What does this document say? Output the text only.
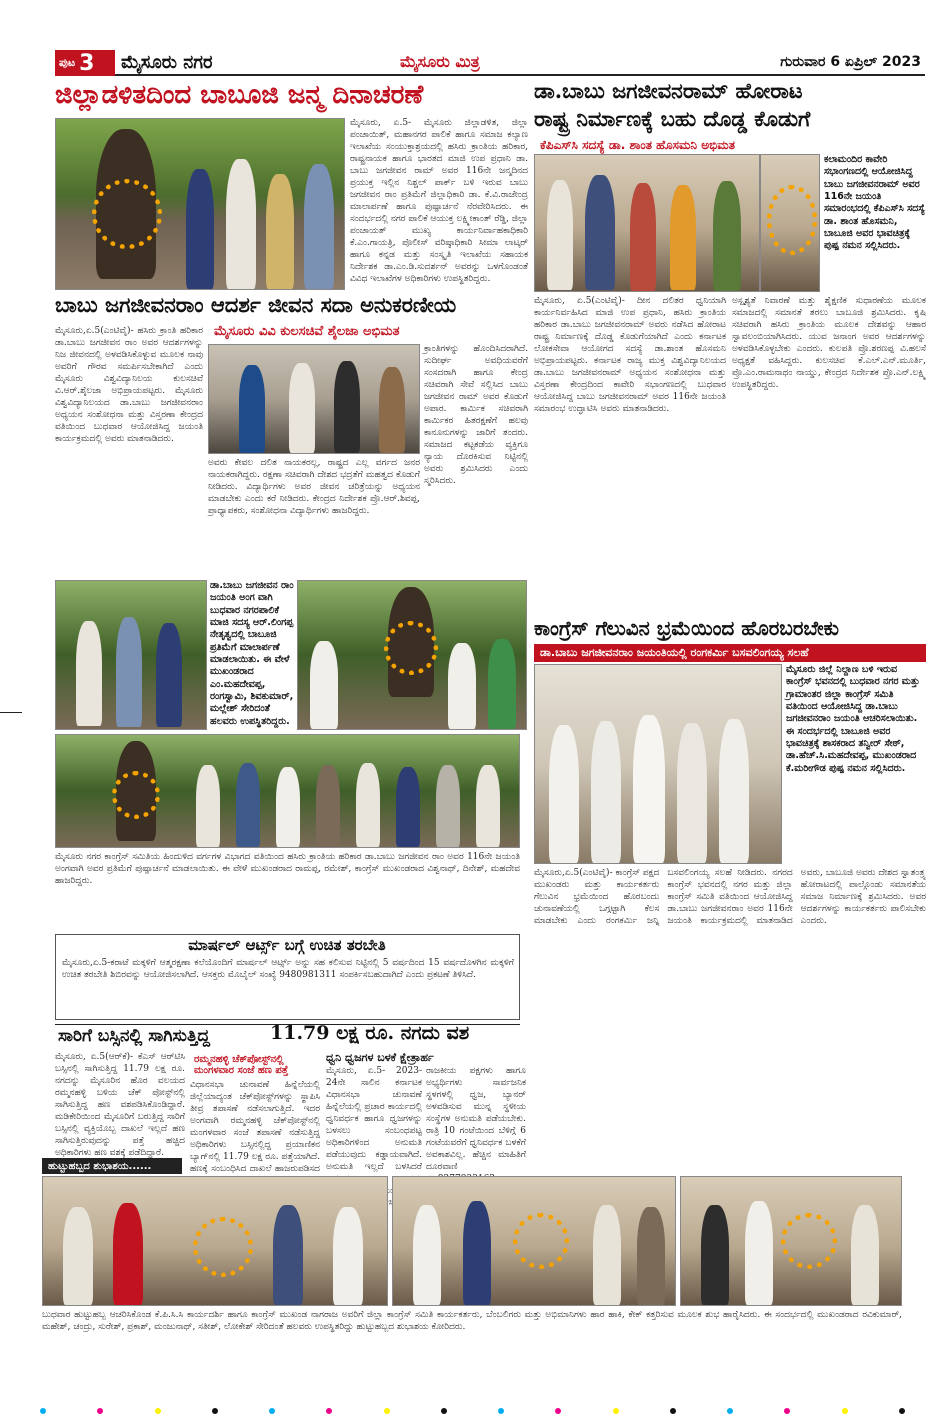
ಪುಟ 3 ಮೈಸೂರು ನಗರ	ಮೈಸೂರು ಮಿತ್ರ	ಗುರುವಾರ 6 ಏಪ್ರಿಲ್ 2023
ಜಿಲ್ಲಾಡಳಿತದಿಂದ ಬಾಬೂಜಿ ಜನ್ಮ ದಿನಾಚರಣೆ
ಮೈಸೂರು, ಏ.5- ಮೈಸೂರು ಜಿಲ್ಲಾಡಳಿತ, ಜಿಲ್ಲಾ ಪಂಚಾಯಿತ್, ಮಹಾನಗರ ಪಾಲಿಕೆ ಹಾಗೂ ಸಮಾಜ ಕಲ್ಯಾಣ ಇಲಾಖೆಯ ಸಂಯುಕ್ತಾಶ್ರಯದಲ್ಲಿ ಹಸಿರು ಕ್ರಾಂತಿಯ ಹರಿಕಾರ, ರಾಷ್ಟ್ರನಾಯಕ ಹಾಗೂ ಭಾರತದ ಮಾಜಿ ಉಪ ಪ್ರಧಾನಿ ಡಾ. ಬಾಬು ಜಗಜೀವನ ರಾಮ್ ಅವರ 116ನೇ ಜನ್ಮದಿನದ ಪ್ರಯುಕ್ತ ಇಲ್ಲಿನ ನಿಶ್ಚಲ್ ಪಾರ್ಕ್ ಬಳಿ ಇರುವ ಬಾಬು ಜಗಜೀವನ ರಾಂ ಪ್ರತಿಮೆಗೆ ಜಿಲ್ಲಾಧಿಕಾರಿ ಡಾ. ಕೆ.ವಿ.ರಾಜೇಂದ್ರ ಮಾಲಾರ್ಪಣೆ ಹಾಗೂ ಪುಷ್ಪಾರ್ಚನೆ ನೆರವೇರಿಸಿದರು. ಈ ಸಂದರ್ಭದಲ್ಲಿ ನಗರ ಪಾಲಿಕೆ ಆಯುಕ್ತ ಲಕ್ಷ್ಮೀಕಾಂತ್ ರೆಡ್ಡಿ, ಜಿಲ್ಲಾ ಪಂಚಾಯತ್ ಮುಖ್ಯ ಕಾರ್ಯನಿರ್ವಾಹಕಾಧಿಕಾರಿ ಕೆ.ಎಂ.ಗಾಯತ್ರಿ, ಪೊಲೀಸ್ ವರಿಷ್ಠಾಧಿಕಾರಿ ಸೀಮಾ ಲಾಟ್ಕರ್ ಹಾಗೂ ಕನ್ನಡ ಮತ್ತು ಸಂಸ್ಕೃತಿ ಇಲಾಖೆಯ ಸಹಾಯಕ ನಿರ್ದೇಶಕ ಡಾ.ಎಂ.ಡಿ.ಸುದರ್ಶನ್ ಅವರನ್ನು ಒಳಗೊಂಡಂತೆ ವಿವಿಧ ಇಲಾಖೆಗಳ ಅಧಿಕಾರಿಗಳು ಉಪಸ್ಥಿತರಿದ್ದರು.
ಡಾ.ಬಾಬು ಜಗಜೀವನರಾಮ್ ಹೋರಾಟ
ರಾಷ್ಟ್ರ ನಿರ್ಮಾಣಕ್ಕೆ ಬಹು ದೊಡ್ಡ ಕೊಡುಗೆ
ಕೆಪಿಎಸ್‌ಸಿ ಸದಸ್ಯೆ ಡಾ. ಶಾಂತ ಹೊಸಮನಿ ಅಭಿಮತ
ಕಲಾಮಂದಿರ ಕಾವೇರಿ ಸಭಾಂಗಣದಲ್ಲಿ ಆಯೋಜಿಸಿದ್ದ ಬಾಬು ಜಗಜೀವನರಾಮ್ ಅವರ 116ನೇ ಜಯಂತಿ ಸಮಾರಂಭದಲ್ಲಿ ಕೆಪಿಎಸ್‌ಸಿ ಸದಸ್ಯೆ ಡಾ. ಶಾಂತ ಹೊಸಮನಿ, ಬಾಬೂಜಿ ಅವರ ಭಾವಚಿತ್ರಕ್ಕೆ ಪುಷ್ಪ ನಮನ ಸಲ್ಲಿಸಿದರು.
ಮೈಸೂರು, ಏ.5(ಎಂಟಿವೈ)- ದೀನ ದಲಿತರ ಧ್ವನಿಯಾಗಿ ಕಾರ್ಯನಿರ್ವಹಿಸಿದ ಮಾಜಿ ಉಪ ಪ್ರಧಾನಿ, ಹಸಿರು ಕ್ರಾಂತಿಯ ಹರಿಕಾರ ಡಾ.ಬಾಬು ಜಗಜೀವನರಾಮ್ ಅವರು ನಡೆಸಿದ ಹೋರಾಟ ರಾಷ್ಟ್ರ ನಿರ್ಮಾಣಕ್ಕೆ ದೊಡ್ಡ ಕೊಡುಗೆಯಾಗಿದೆ ಎಂದು ಕರ್ನಾಟಕ ಲೋಕಸೇವಾ ಆಯೋಗದ ಸದಸ್ಯೆ ಡಾ.ಶಾಂತ ಹೊಸಮನಿ ಅಭಿಪ್ರಾಯಪಟ್ಟರು. ಕರ್ನಾಟಕ ರಾಜ್ಯ ಮುಕ್ತ ವಿಶ್ವವಿದ್ಯಾನಿಲಯದ ಡಾ.ಬಾಬು ಜಗಜೀವನರಾಮ್ ಅಧ್ಯಯನ ಸಂಶೋಧನಾ ಮತ್ತು ವಿಸ್ತರಣಾ ಕೇಂದ್ರದಿಂದ ಕಾವೇರಿ ಸಭಾಂಗಣದಲ್ಲಿ ಬುಧವಾರ ಆಯೋಜಿಸಿದ್ದ ಬಾಬು ಜಗಜೀವನರಾಮ್ ಅವರ 116ನೇ ಜಯಂತಿ ಸಮಾರಂಭ ಉದ್ಘಾಟಿಸಿ ಅವರು ಮಾತನಾಡಿದರು.
ಅಸ್ಪೃಶ್ಯತೆ ನಿವಾರಣೆ ಮತ್ತು ಶೈಕ್ಷಣಿಕ ಸುಧಾರಣೆಯ ಮೂಲಕ ಸಮಾಜದಲ್ಲಿ ಸಮಾನತೆ ತರಲು ಬಾಬೂಜಿ ಶ್ರಮಿಸಿದರು. ಕೃಷಿ ಸಚಿವರಾಗಿ ಹಸಿರು ಕ್ರಾಂತಿಯ ಮೂಲಕ ದೇಶವನ್ನು ಆಹಾರ ಸ್ವಾವಲಂಬಿಯಾಗಿಸಿದರು. ಯುವ ಜನಾಂಗ ಅವರ ಆದರ್ಶಗಳನ್ನು ಅಳವಡಿಸಿಕೊಳ್ಳಬೇಕು ಎಂದರು. ಕುಲಪತಿ ಪ್ರೊ.ಶರಣಪ್ಪ ವಿ.ಹಲಸೆ ಅಧ್ಯಕ್ಷತೆ ವಹಿಸಿದ್ದರು. ಕುಲಸಚಿವ ಕೆ.ಎಲ್.ಎನ್.ಮೂರ್ತಿ, ಪ್ರೊ.ಎಂ.ರಾಮನಾಥಂ ನಾಯ್ಡು, ಕೇಂದ್ರದ ನಿರ್ದೇಶಕ ಪ್ರೊ.ಎನ್.ಲಕ್ಷ್ಮಿ ಉಪಸ್ಥಿತರಿದ್ದರು.
ಬಾಬು ಜಗಜೀವನರಾಂ ಆದರ್ಶ ಜೀವನ ಸದಾ ಅನುಕರಣೀಯ
ಮೈಸೂರು ವಿವಿ ಕುಲಸಚಿವೆ ಶೈಲಜಾ ಅಭಿಮತ
ಮೈಸೂರು,ಏ.5(ಎಂಟಿವೈ)- ಹಸಿರು ಕ್ರಾಂತಿ ಹರಿಕಾರ ಡಾ.ಬಾಬು ಜಗಜೀವನ ರಾಂ ಅವರ ಆದರ್ಶಗಳನ್ನು ನಿಜ ಜೀವನದಲ್ಲಿ ಅಳವಡಿಸಿಕೊಳ್ಳುವ ಮೂಲಕ ನಾವು ಅವರಿಗೆ ಗೌರವ ಸಮರ್ಪಿಸಬೇಕಾಗಿದೆ ಎಂದು ಮೈಸೂರು ವಿಶ್ವವಿದ್ಯಾನಿಲಯ ಕುಲಸಚಿವೆ ವಿ.ಆರ್.ಶೈಲಜಾ ಅಭಿಪ್ರಾಯಪಟ್ಟರು. ಮೈಸೂರು ವಿಶ್ವವಿದ್ಯಾನಿಲಯದ ಡಾ.ಬಾಬು ಜಗಜೀವನರಾಂ ಅಧ್ಯಯನ ಸಂಶೋಧನಾ ಮತ್ತು ವಿಸ್ತರಣಾ ಕೇಂದ್ರದ ವತಿಯಿಂದ ಬುಧವಾರ ಆಯೋಜಿಸಿದ್ದ ಜಯಂತಿ ಕಾರ್ಯಕ್ರಮದಲ್ಲಿ ಅವರು ಮಾತನಾಡಿದರು.
ಅವರು ಕೇವಲ ದಲಿತ ನಾಯಕರಲ್ಲ, ರಾಷ್ಟ್ರದ ಎಲ್ಲ ವರ್ಗದ ಜನರ ನಾಯಕರಾಗಿದ್ದರು. ರಕ್ಷಣಾ ಸಚಿವರಾಗಿ ದೇಶದ ಭದ್ರತೆಗೆ ಮಹತ್ವದ ಕೊಡುಗೆ ನೀಡಿದರು. ವಿದ್ಯಾರ್ಥಿಗಳು ಅವರ ಜೀವನ ಚರಿತ್ರೆಯನ್ನು ಅಧ್ಯಯನ ಮಾಡಬೇಕು ಎಂದು ಕರೆ ನೀಡಿದರು. ಕೇಂದ್ರದ ನಿರ್ದೇಶಕ ಪ್ರೊ.ಆರ್.ಶಿವಪ್ಪ, ಪ್ರಾಧ್ಯಾಪಕರು, ಸಂಶೋಧನಾ ವಿದ್ಯಾರ್ಥಿಗಳು ಹಾಜರಿದ್ದರು.
ಕ್ರಾಂತಿಗಳನ್ನು ಹೊಂದಿಸಿದರಾಗಿದೆ. ಸುದೀರ್ಘ ಅವಧಿಯವರೆಗೆ ಸಂಸದರಾಗಿ ಹಾಗೂ ಕೇಂದ್ರ ಸಚಿವರಾಗಿ ಸೇವೆ ಸಲ್ಲಿಸಿದ ಬಾಬು ಜಗಜೀವನ ರಾಮ್ ಅವರ ಕೊಡುಗೆ ಅಪಾರ. ಕಾರ್ಮಿಕ ಸಚಿವರಾಗಿ ಕಾರ್ಮಿಕರ ಹಿತರಕ್ಷಣೆಗೆ ಹಲವು ಕಾನೂನುಗಳನ್ನು ಜಾರಿಗೆ ತಂದರು. ಸಮಾಜದ ಕಟ್ಟಕಡೆಯ ವ್ಯಕ್ತಿಗೂ ನ್ಯಾಯ ದೊರಕಿಸುವ ನಿಟ್ಟಿನಲ್ಲಿ ಅವರು ಶ್ರಮಿಸಿದರು ಎಂದು ಸ್ಮರಿಸಿದರು.
ಡಾ.ಬಾಬು ಜಗಜೀವನ ರಾಂ ಜಯಂತಿ ಅಂಗ ವಾಗಿ ಬುಧವಾರ ನಗರಪಾಲಿಕೆ ಮಾಜಿ ಸದಸ್ಯ ಆರ್.ಲಿಂಗಪ್ಪ ನೇತೃತ್ವದಲ್ಲಿ ಬಾಬೂಜಿ ಪ್ರತಿಮೆಗೆ ಮಾಲಾರ್ಪಣೆ ಮಾಡಲಾಯಿತು. ಈ ವೇಳೆ ಮುಖಂಡರಾದ ಎಂ.ಮಹದೇವಪ್ಪ, ರಂಗಸ್ವಾಮಿ, ಶಿವಕುಮಾರ್, ಮಲ್ಲೇಶ್ ಸೇರಿದಂತೆ ಹಲವರು ಉಪಸ್ಥಿತರಿದ್ದರು.
ಮೈಸೂರು ನಗರ ಕಾಂಗ್ರೆಸ್ ಸಮಿತಿಯ ಹಿಂದುಳಿದ ವರ್ಗಗಳ ವಿಭಾಗದ ವತಿಯಿಂದ ಹಸಿರು ಕ್ರಾಂತಿಯ ಹರಿಕಾರ ಡಾ.ಬಾಬು ಜಗಜೀವನ ರಾಂ ಅವರ 116ನೇ ಜಯಂತಿ ಅಂಗವಾಗಿ ಅವರ ಪ್ರತಿಮೆಗೆ ಪುಷ್ಪಾರ್ಚನೆ ಮಾಡಲಾಯಿತು. ಈ ವೇಳೆ ಮುಖಂಡರಾದ ರಾಮಪ್ಪ, ರಮೇಶ್, ಕಾಂಗ್ರೆಸ್ ಮುಖಂಡರಾದ ವಿಶ್ವನಾಥ್, ದಿನೇಶ್, ಮಹದೇವ ಹಾಜರಿದ್ದರು.
ಮಾರ್ಷಲ್ ಆರ್ಟ್ಸ್ ಬಗ್ಗೆ ಉಚಿತ ತರಬೇತಿ
ಮೈಸೂರು,ಏ.5-ಕರಾಟೆ ಮಕ್ಕಳಿಗೆ ಆತ್ಮರಕ್ಷಣಾ ಕಲೆಯೊಂದಿಗೆ ಮಾರ್ಷಲ್ ಆರ್ಟ್ಸ್ ಅನ್ನು ಸಹ ಕಲಿಸುವ ನಿಟ್ಟಿನಲ್ಲಿ 5 ವರ್ಷದಿಂದ 15 ವರ್ಷದೊಳಗಿನ ಮಕ್ಕಳಿಗೆ ಉಚಿತ ತರಬೇತಿ ಶಿಬಿರವನ್ನು ಆಯೋಜಿಸಲಾಗಿದೆ. ಆಸಕ್ತರು ಮೊಬೈಲ್ ಸಂಖ್ಯೆ 9480981311 ಸಂಪರ್ಕಿಸಬಹುದಾಗಿದೆ ಎಂದು ಪ್ರಕಟಣೆ ತಿಳಿಸಿದೆ.
ಕಾಂಗ್ರೆಸ್ ಗೆಲುವಿನ ಭ್ರಮೆಯಿಂದ ಹೊರಬರಬೇಕು
ಡಾ.ಬಾಬು ಜಗಜೀವನರಾಂ ಜಯಂತಿಯಲ್ಲಿ ರಂಗಕರ್ಮಿ ಬಸವಲಿಂಗಯ್ಯ ಸಲಹೆ
ಮೈಸೂರು ಜಿಲ್ಲೆ ನಿಲ್ದಾಣ ಬಳಿ ಇರುವ ಕಾಂಗ್ರೆಸ್ ಭವನದಲ್ಲಿ ಬುಧವಾರ ನಗರ ಮತ್ತು ಗ್ರಾಮಾಂತರ ಜಿಲ್ಲಾ ಕಾಂಗ್ರೆಸ್ ಸಮಿತಿ ವತಿಯಿಂದ ಆಯೋಜಿಸಿದ್ದ ಡಾ.ಬಾಬು ಜಗಜೀವನರಾಂ ಜಯಂತಿ ಆಚರಿಸಲಾಯಿತು. ಈ ಸಂದರ್ಭದಲ್ಲಿ ಬಾಬೂಜಿ ಅವರ ಭಾವಚಿತ್ರಕ್ಕೆ ಶಾಸಕರಾದ ತನ್ವೀರ್ ಸೇಠ್, ಡಾ.ಹೆಚ್.ಸಿ.ಮಹದೇವಪ್ಪ, ಮುಖಂಡರಾದ ಕೆ.ಮರೀಗೌಡ ಪುಷ್ಪ ನಮನ ಸಲ್ಲಿಸಿದರು.
ಮೈಸೂರು,ಏ.5(ಎಂಟಿವೈ)- ಕಾಂಗ್ರೆಸ್ ಪಕ್ಷದ ಮುಖಂಡರು ಮತ್ತು ಕಾರ್ಯಕರ್ತರು ಗೆಲುವಿನ ಭ್ರಮೆಯಿಂದ ಹೊರಬಂದು ಚುನಾವಣೆಯಲ್ಲಿ ಒಗ್ಗಟ್ಟಾಗಿ ಕೆಲಸ ಮಾಡಬೇಕು ಎಂದು ರಂಗಕರ್ಮಿ ಜನ್ನಿ ಬಸವಲಿಂಗಯ್ಯ ಸಲಹೆ ನೀಡಿದರು. ನಗರದ ಕಾಂಗ್ರೆಸ್ ಭವನದಲ್ಲಿ ನಗರ ಮತ್ತು ಜಿಲ್ಲಾ ಕಾಂಗ್ರೆಸ್ ಸಮಿತಿ ವತಿಯಿಂದ ಆಯೋಜಿಸಿದ್ದ ಡಾ.ಬಾಬು ಜಗಜೀವನರಾಂ ಅವರ 116ನೇ ಜಯಂತಿ ಕಾರ್ಯಕ್ರಮದಲ್ಲಿ ಮಾತನಾಡಿದ ಅವರು, ಬಾಬೂಜಿ ಅವರು ದೇಶದ ಸ್ವಾತಂತ್ರ್ಯ ಹೋರಾಟದಲ್ಲಿ ಪಾಲ್ಗೊಂಡು ಸಮಾನತೆಯ ಸಮಾಜ ನಿರ್ಮಾಣಕ್ಕೆ ಶ್ರಮಿಸಿದರು. ಅವರ ಆದರ್ಶಗಳನ್ನು ಕಾರ್ಯಕರ್ತರು ಪಾಲಿಸಬೇಕು ಎಂದರು.
ಸಾರಿಗೆ ಬಸ್ಸಿನಲ್ಲಿ ಸಾಗಿಸುತ್ತಿದ್ದ	11.79 ಲಕ್ಷ ರೂ. ನಗದು ವಶ
ಮೈಸೂರು, ಏ.5(ಆರ್‌ಕೆ)- ಕೆಎಸ್ ಆರ್‌ಟಿಸಿ ಬಸ್ಸಿನಲ್ಲಿ ಸಾಗಿಸುತ್ತಿದ್ದ 11.79 ಲಕ್ಷ ರೂ. ನಗದನ್ನು ಮೈಸೂರಿನ ಹೊರ ವಲಯದ ರಮ್ಮನಹಳ್ಳಿ ಬಳಿಯ ಚೆಕ್ ಪೋಸ್ಟ್‌ನಲ್ಲಿ ಸಾಗಿಸುತ್ತಿದ್ದ ಹಣ ವಶಪಡಿಸಿಕೊಂಡಿದ್ದಾರೆ. ಮಡಿಕೇರಿಯಿಂದ ಮೈಸೂರಿಗೆ ಬರುತ್ತಿದ್ದ ಸಾರಿಗೆ ಬಸ್ಸಿನಲ್ಲಿ ವ್ಯಕ್ತಿಯೊಬ್ಬ ದಾಖಲೆ ಇಲ್ಲದೆ ಹಣ ಸಾಗಿಸುತ್ತಿರುವುದನ್ನು ಪತ್ತೆ ಹಚ್ಚಿದ ಅಧಿಕಾರಿಗಳು ಹಣ ವಶಕ್ಕೆ ಪಡೆದಿದ್ದಾರೆ.
ರಮ್ಮನಹಳ್ಳಿ ಚೆಕ್‌ಪೋಸ್ಟ್‌ನಲ್ಲಿ ಮಂಗಳವಾರ ಸಂಜೆ ಹಣ ಪತ್ತೆ
ವಿಧಾನಸಭಾ ಚುನಾವಣೆ ಹಿನ್ನೆಲೆಯಲ್ಲಿ ಜಿಲ್ಲೆಯಾದ್ಯಂತ ಚೆಕ್‌ಪೋಸ್ಟ್‌ಗಳನ್ನು ಸ್ಥಾಪಿಸಿ ತೀವ್ರ ತಪಾಸಣೆ ನಡೆಸಲಾಗುತ್ತಿದೆ. ಇದರ ಅಂಗವಾಗಿ ರಮ್ಮನಹಳ್ಳಿ ಚೆಕ್‌ಪೋಸ್ಟ್‌ನಲ್ಲಿ ಮಂಗಳವಾರ ಸಂಜೆ ತಪಾಸಣೆ ನಡೆಸುತ್ತಿದ್ದ ಅಧಿಕಾರಿಗಳು ಬಸ್ಸಿನಲ್ಲಿದ್ದ ಪ್ರಯಾಣಿಕನ ಬ್ಯಾಗ್‌ನಲ್ಲಿ 11.79 ಲಕ್ಷ ರೂ. ಪತ್ತೆಯಾಗಿದೆ. ಹಣಕ್ಕೆ ಸಂಬಂಧಿಸಿದ ದಾಖಲೆ ಹಾಜರುಪಡಿಸದ
ಧ್ವನಿ ಧ್ವಜಗಳ ಬಳಕೆ ಕ್ಷೇತ್ರಾರ್ಹ
ಮೈಸೂರು, ಏ.5- 2023-24ನೇ ಸಾಲಿನ ಕರ್ನಾಟಕ ವಿಧಾನಸಭಾ ಚುನಾವಣೆ ಹಿನ್ನೆಲೆಯಲ್ಲಿ ಪ್ರಚಾರ ಕಾರ್ಯದಲ್ಲಿ ಧ್ವನಿವರ್ಧಕ ಹಾಗೂ ಧ್ವಜಗಳನ್ನು ಬಳಸಲು ಸಂಬಂಧಪಟ್ಟ ಅಧಿಕಾರಿಗಳಿಂದ ಅನುಮತಿ ಪಡೆಯುವುದು ಕಡ್ಡಾಯವಾಗಿದೆ. ಅನುಮತಿ ಇಲ್ಲದೆ ಬಳಸಿದರೆ
ರಾಜಕೀಯ ಪಕ್ಷಗಳು ಹಾಗೂ ಅಭ್ಯರ್ಥಿಗಳು ಸಾರ್ವಜನಿಕ ಸ್ಥಳಗಳಲ್ಲಿ ಧ್ವಜ, ಬ್ಯಾನರ್ ಅಳವಡಿಸುವ ಮುನ್ನ ಸ್ಥಳೀಯ ಸಂಸ್ಥೆಗಳ ಅನುಮತಿ ಪಡೆಯಬೇಕು. ರಾತ್ರಿ 10 ಗಂಟೆಯಿಂದ ಬೆಳಿಗ್ಗೆ 6 ಗಂಟೆಯವರೆಗೆ ಧ್ವನಿವರ್ಧಕ ಬಳಕೆಗೆ ಅವಕಾಶವಿಲ್ಲ. ಹೆಚ್ಚಿನ ಮಾಹಿತಿಗೆ ದೂರವಾಣಿ
ಹುಟ್ಟುಹಬ್ಬದ ಶುಭಾಶಯ......
ಬುಧವಾರ ಹುಟ್ಟುಹಬ್ಬ ಆಚರಿಸಿಕೊಂಡ ಕೆ.ಪಿ.ಸಿ.ಸಿ ಕಾರ್ಯದರ್ಶಿ ಹಾಗೂ ಕಾಂಗ್ರೆಸ್ ಮುಖಂಡ ನಾಗರಾಜ ಅವರಿಗೆ ಜಿಲ್ಲಾ ಕಾಂಗ್ರೆಸ್ ಸಮಿತಿ ಕಾರ್ಯಕರ್ತರು, ಬೆಂಬಲಿಗರು ಮತ್ತು ಅಭಿಮಾನಿಗಳು ಹಾರ ಹಾಕಿ, ಕೇಕ್ ಕತ್ತರಿಸುವ ಮೂಲಕ ಶುಭ ಹಾರೈಸಿದರು. ಈ ಸಂದರ್ಭದಲ್ಲಿ ಮುಖಂಡರಾದ ರವಿಕುಮಾರ್, ಮಹೇಶ್, ಚಂದ್ರು, ಸುರೇಶ್, ಪ್ರಕಾಶ್, ಮಂಜುನಾಥ್, ಸತೀಶ್, ಲೋಕೇಶ್ ಸೇರಿದಂತೆ ಹಲವರು ಉಪಸ್ಥಿತರಿದ್ದು ಹುಟ್ಟುಹಬ್ಬದ ಶುಭಾಶಯ ಕೋರಿದರು.
